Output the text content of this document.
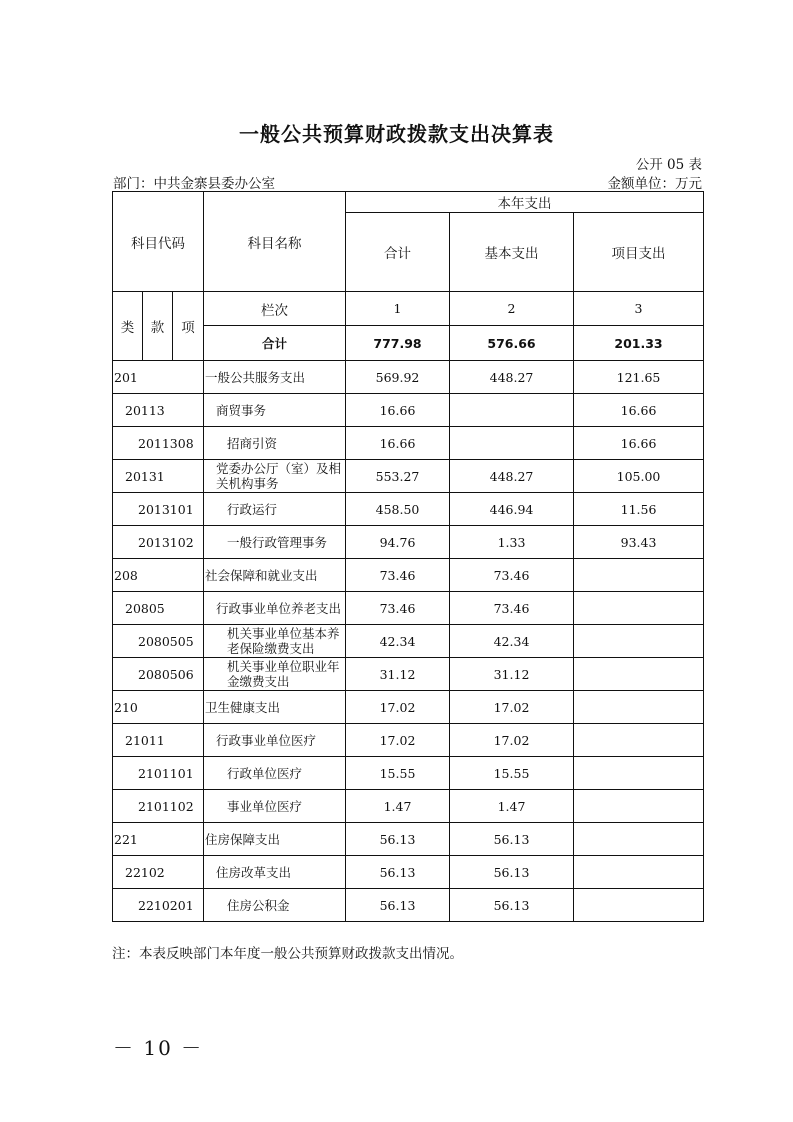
一般公共预算财政拨款支出决算表
公开 05 表
部门：中共金寨县委办公室	金额单位：万元
科目代码			科目名称	本年支出		
				合计	基本支出	项目支出
类	款	项	栏次	1	2	3
			合计	777.98	576.66	201.33
201			一般公共服务支出	569.92	448.27	121.65
20113			商贸事务	16.66		16.66
2011308			招商引资	16.66		16.66
20131			党委办公厅（室）及相关机构事务	553.27	448.27	105.00
2013101			行政运行	458.50	446.94	11.56
2013102			一般行政管理事务	94.76	1.33	93.43
208			社会保障和就业支出	73.46	73.46	
20805			行政事业单位养老支出	73.46	73.46	
2080505			机关事业单位基本养老保险缴费支出	42.34	42.34	
2080506			机关事业单位职业年金缴费支出	31.12	31.12	
210			卫生健康支出	17.02	17.02	
21011			行政事业单位医疗	17.02	17.02	
2101101			行政单位医疗	15.55	15.55	
2101102			事业单位医疗	1.47	1.47	
221			住房保障支出	56.13	56.13	
22102			住房改革支出	56.13	56.13	
2210201			住房公积金	56.13	56.13	
注：本表反映部门本年度一般公共预算财政拨款支出情况。
－ 10 －
